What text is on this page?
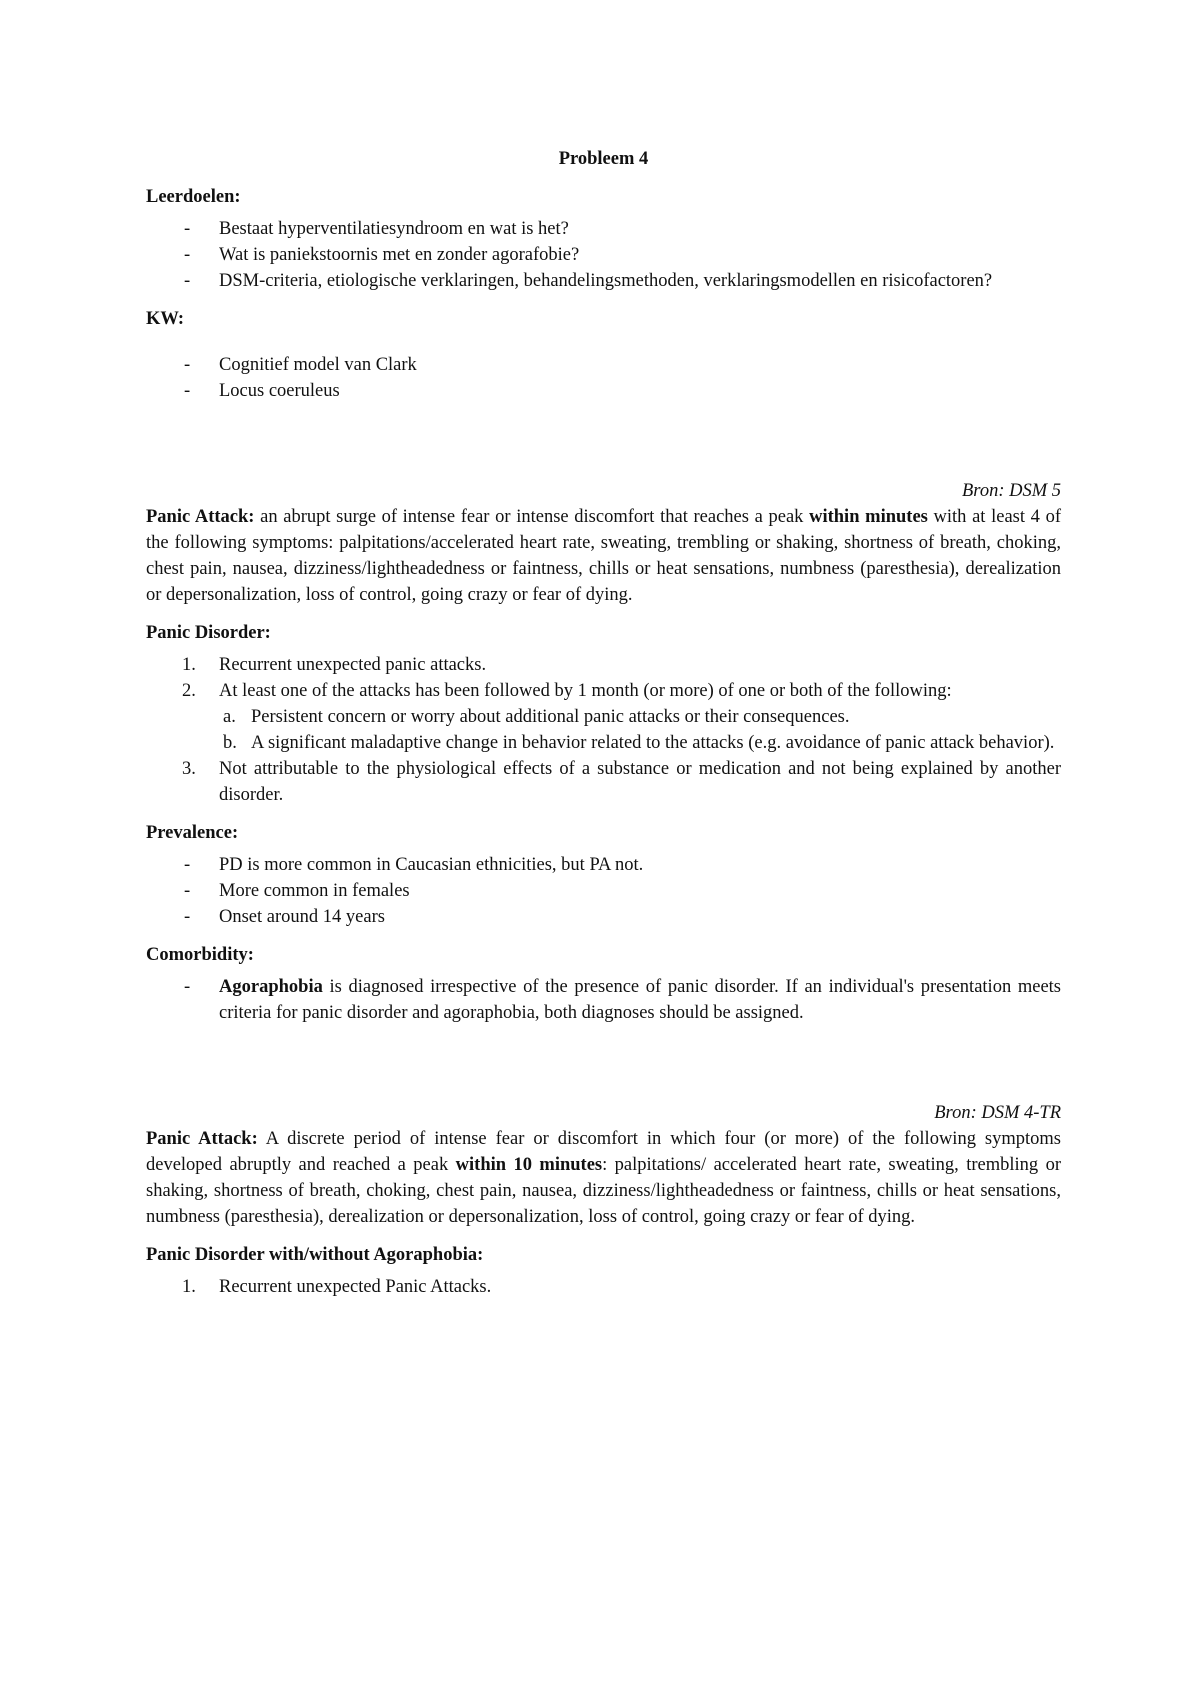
Probleem 4

Leerdoelen:

- Bestaat hyperventilatiesyndroom en wat is het?
- Wat is paniekstoornis met en zonder agorafobie?
- DSM-criteria, etiologische verklaringen, behandelingsmethoden, verklaringsmodellen en risicofactoren?

KW:

- Cognitief model van Clark
- Locus coeruleus

Bron: DSM 5

Panic Attack: an abrupt surge of intense fear or intense discomfort that reaches a peak within minutes with at least 4 of the following symptoms: palpitations/accelerated heart rate, sweating, trembling or shaking, shortness of breath, choking, chest pain, nausea, dizziness/lightheadedness or faintness, chills or heat sensations, numbness (paresthesia), derealization or depersonalization, loss of control, going crazy or fear of dying.

Panic Disorder:

1. Recurrent unexpected panic attacks.
2. At least one of the attacks has been followed by 1 month (or more) of one or both of the following:
a. Persistent concern or worry about additional panic attacks or their consequences.
b. A significant maladaptive change in behavior related to the attacks (e.g. avoidance of panic attack behavior).
3. Not attributable to the physiological effects of a substance or medication and not being explained by another disorder.

Prevalence:

- PD is more common in Caucasian ethnicities, but PA not.
- More common in females
- Onset around 14 years

Comorbidity:

- Agoraphobia is diagnosed irrespective of the presence of panic disorder. If an individual's presentation meets criteria for panic disorder and agoraphobia, both diagnoses should be assigned.

Bron: DSM 4-TR

Panic Attack: A discrete period of intense fear or discomfort in which four (or more) of the following symptoms developed abruptly and reached a peak within 10 minutes: palpitations/ accelerated heart rate, sweating, trembling or shaking, shortness of breath, choking, chest pain, nausea, dizziness/lightheadedness or faintness, chills or heat sensations, numbness (paresthesia), derealization or depersonalization, loss of control, going crazy or fear of dying.

Panic Disorder with/without Agoraphobia:

1. Recurrent unexpected Panic Attacks.
